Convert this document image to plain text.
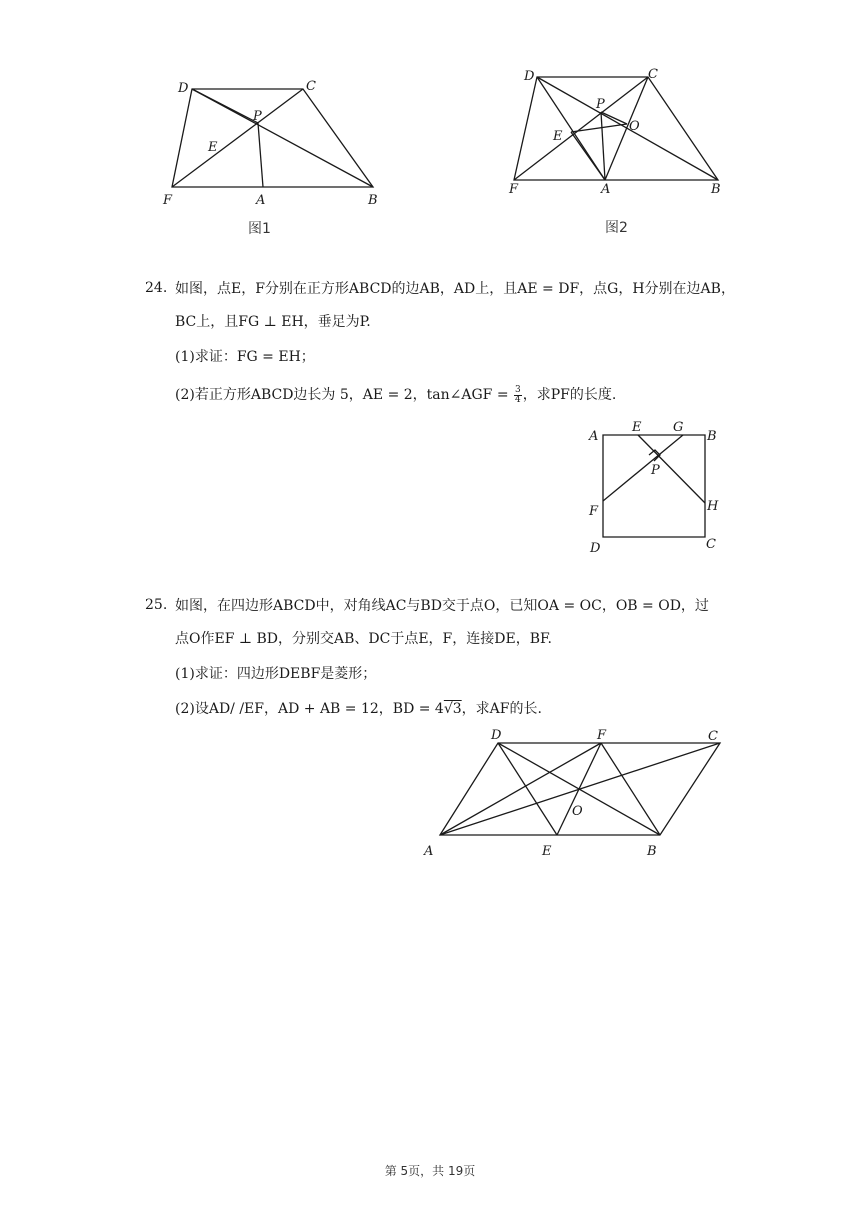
D	C
P
E
F	A	B
图1
D	C
P
E
O
F	A	B
图2
24. 如图，点E，F分别在正方形ABCD的边AB，AD上，且AE = DF，点G，H分别在边AB，
BC上，且FG ⊥ EH，垂足为P.
(1)求证：FG = EH；
(2)若正方形ABCD边长为 5，AE = 2，tan∠AGF = $\frac{3}{4}$ ，求PF的长度.
A
E G
B
P
F	H
D	C
25. 如图，在四边形ABCD中，对角线AC与BD交于点O，已知OA = OC，OB = OD，过
点O作EF ⊥ BD，分别交AB、DC于点E，F，连接DE，BF.
(1)求证：四边形DEBF是菱形；
(2)设AD/ /EF，AD + AB = 12，BD = 4√3，求AF的长.
D	F	C
O
A	E	B
第 5页，共 19页
